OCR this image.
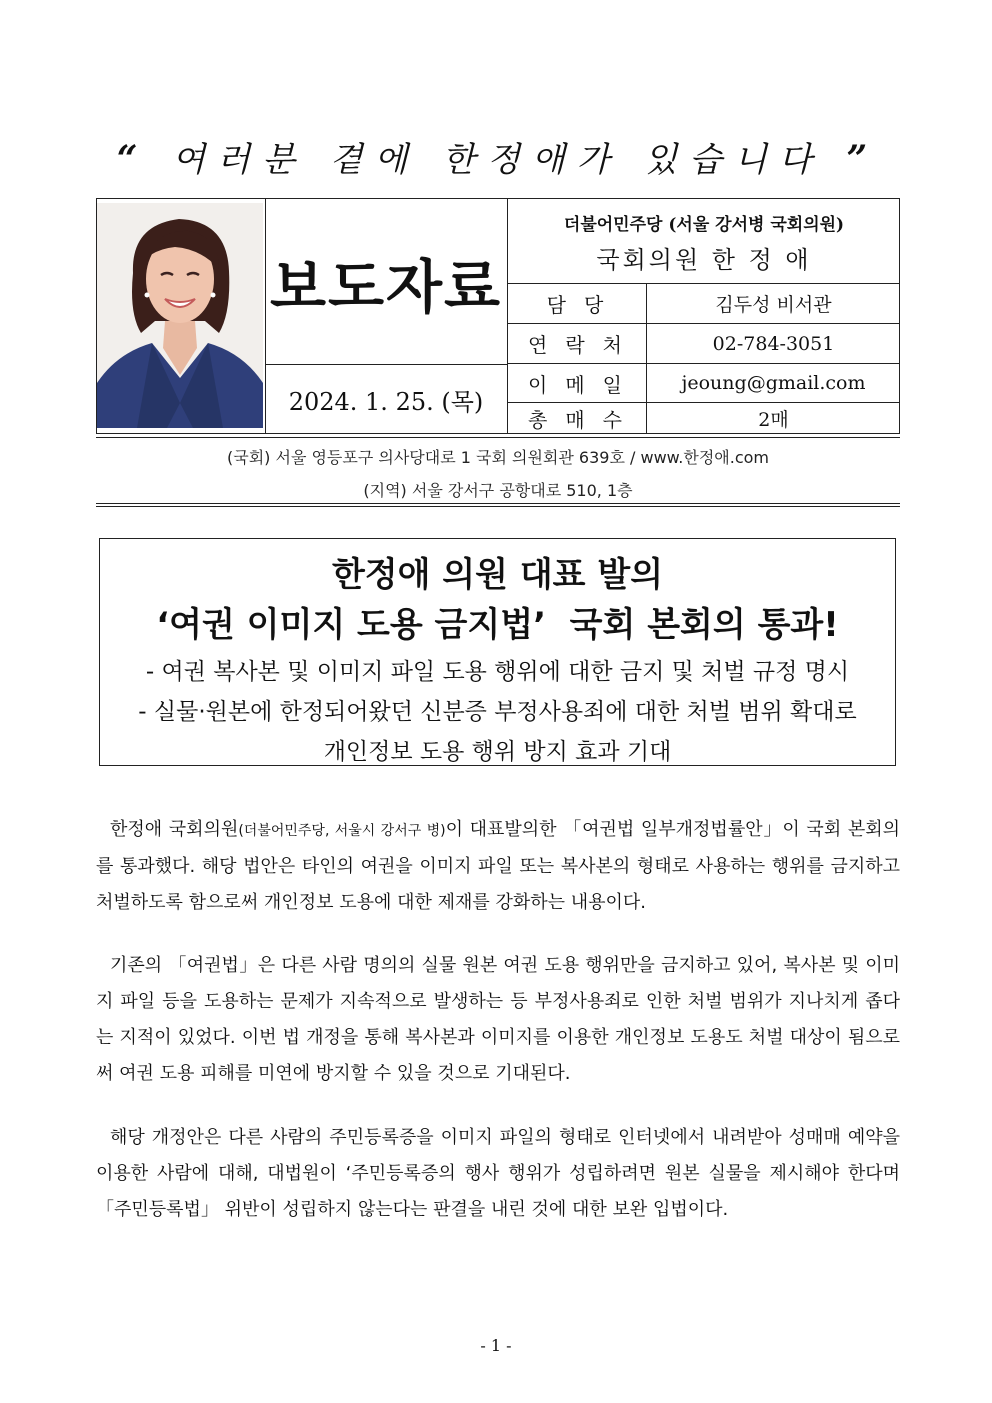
“ 여러분 곁에 한정애가 있습니다 ”
보도자료
2024. 1. 25. (목)
더불어민주당 (서울 강서병 국회의원)
국회의원 한 정 애
담당	김두성 비서관
연락처	02-784-3051
이메일	jeoung@gmail.com
총매수	2매
(국회) 서울 영등포구 의사당대로 1 국회 의원회관 639호 / www.한정애.com
(지역) 서울 강서구 공항대로 510, 1층
한정애 의원 대표 발의
‘여권 이미지 도용 금지법’  국회 본회의 통과!
- 여권 복사본 및 이미지 파일 도용 행위에 대한 금지 및 처벌 규정 명시
- 실물·원본에 한정되어왔던 신분증 부정사용죄에 대한 처벌 범위 확대로
개인정보 도용 행위 방지 효과 기대
한정애 국회의원(더불어민주당, 서울시 강서구 병)이 대표발의한 「여권법 일부개정법률안」이 국회 본회의를 통과했다. 해당 법안은 타인의 여권을 이미지 파일 또는 복사본의 형태로 사용하는 행위를 금지하고 처벌하도록 함으로써 개인정보 도용에 대한 제재를 강화하는 내용이다.
기존의 「여권법」은 다른 사람 명의의 실물 원본 여권 도용 행위만을 금지하고 있어, 복사본 및 이미지 파일 등을 도용하는 문제가 지속적으로 발생하는 등 부정사용죄로 인한 처벌 범위가 지나치게 좁다는 지적이 있었다. 이번 법 개정을 통해 복사본과 이미지를 이용한 개인정보 도용도 처벌 대상이 됨으로써 여권 도용 피해를 미연에 방지할 수 있을 것으로 기대된다.
해당 개정안은 다른 사람의 주민등록증을 이미지 파일의 형태로 인터넷에서 내려받아 성매매 예약을 이용한 사람에 대해, 대법원이 ‘주민등록증의 행사 행위가 성립하려면 원본 실물을 제시해야 한다며 「주민등록법」 위반이 성립하지 않는다는 판결을 내린 것에 대한 보완 입법이다.
- 1 -
